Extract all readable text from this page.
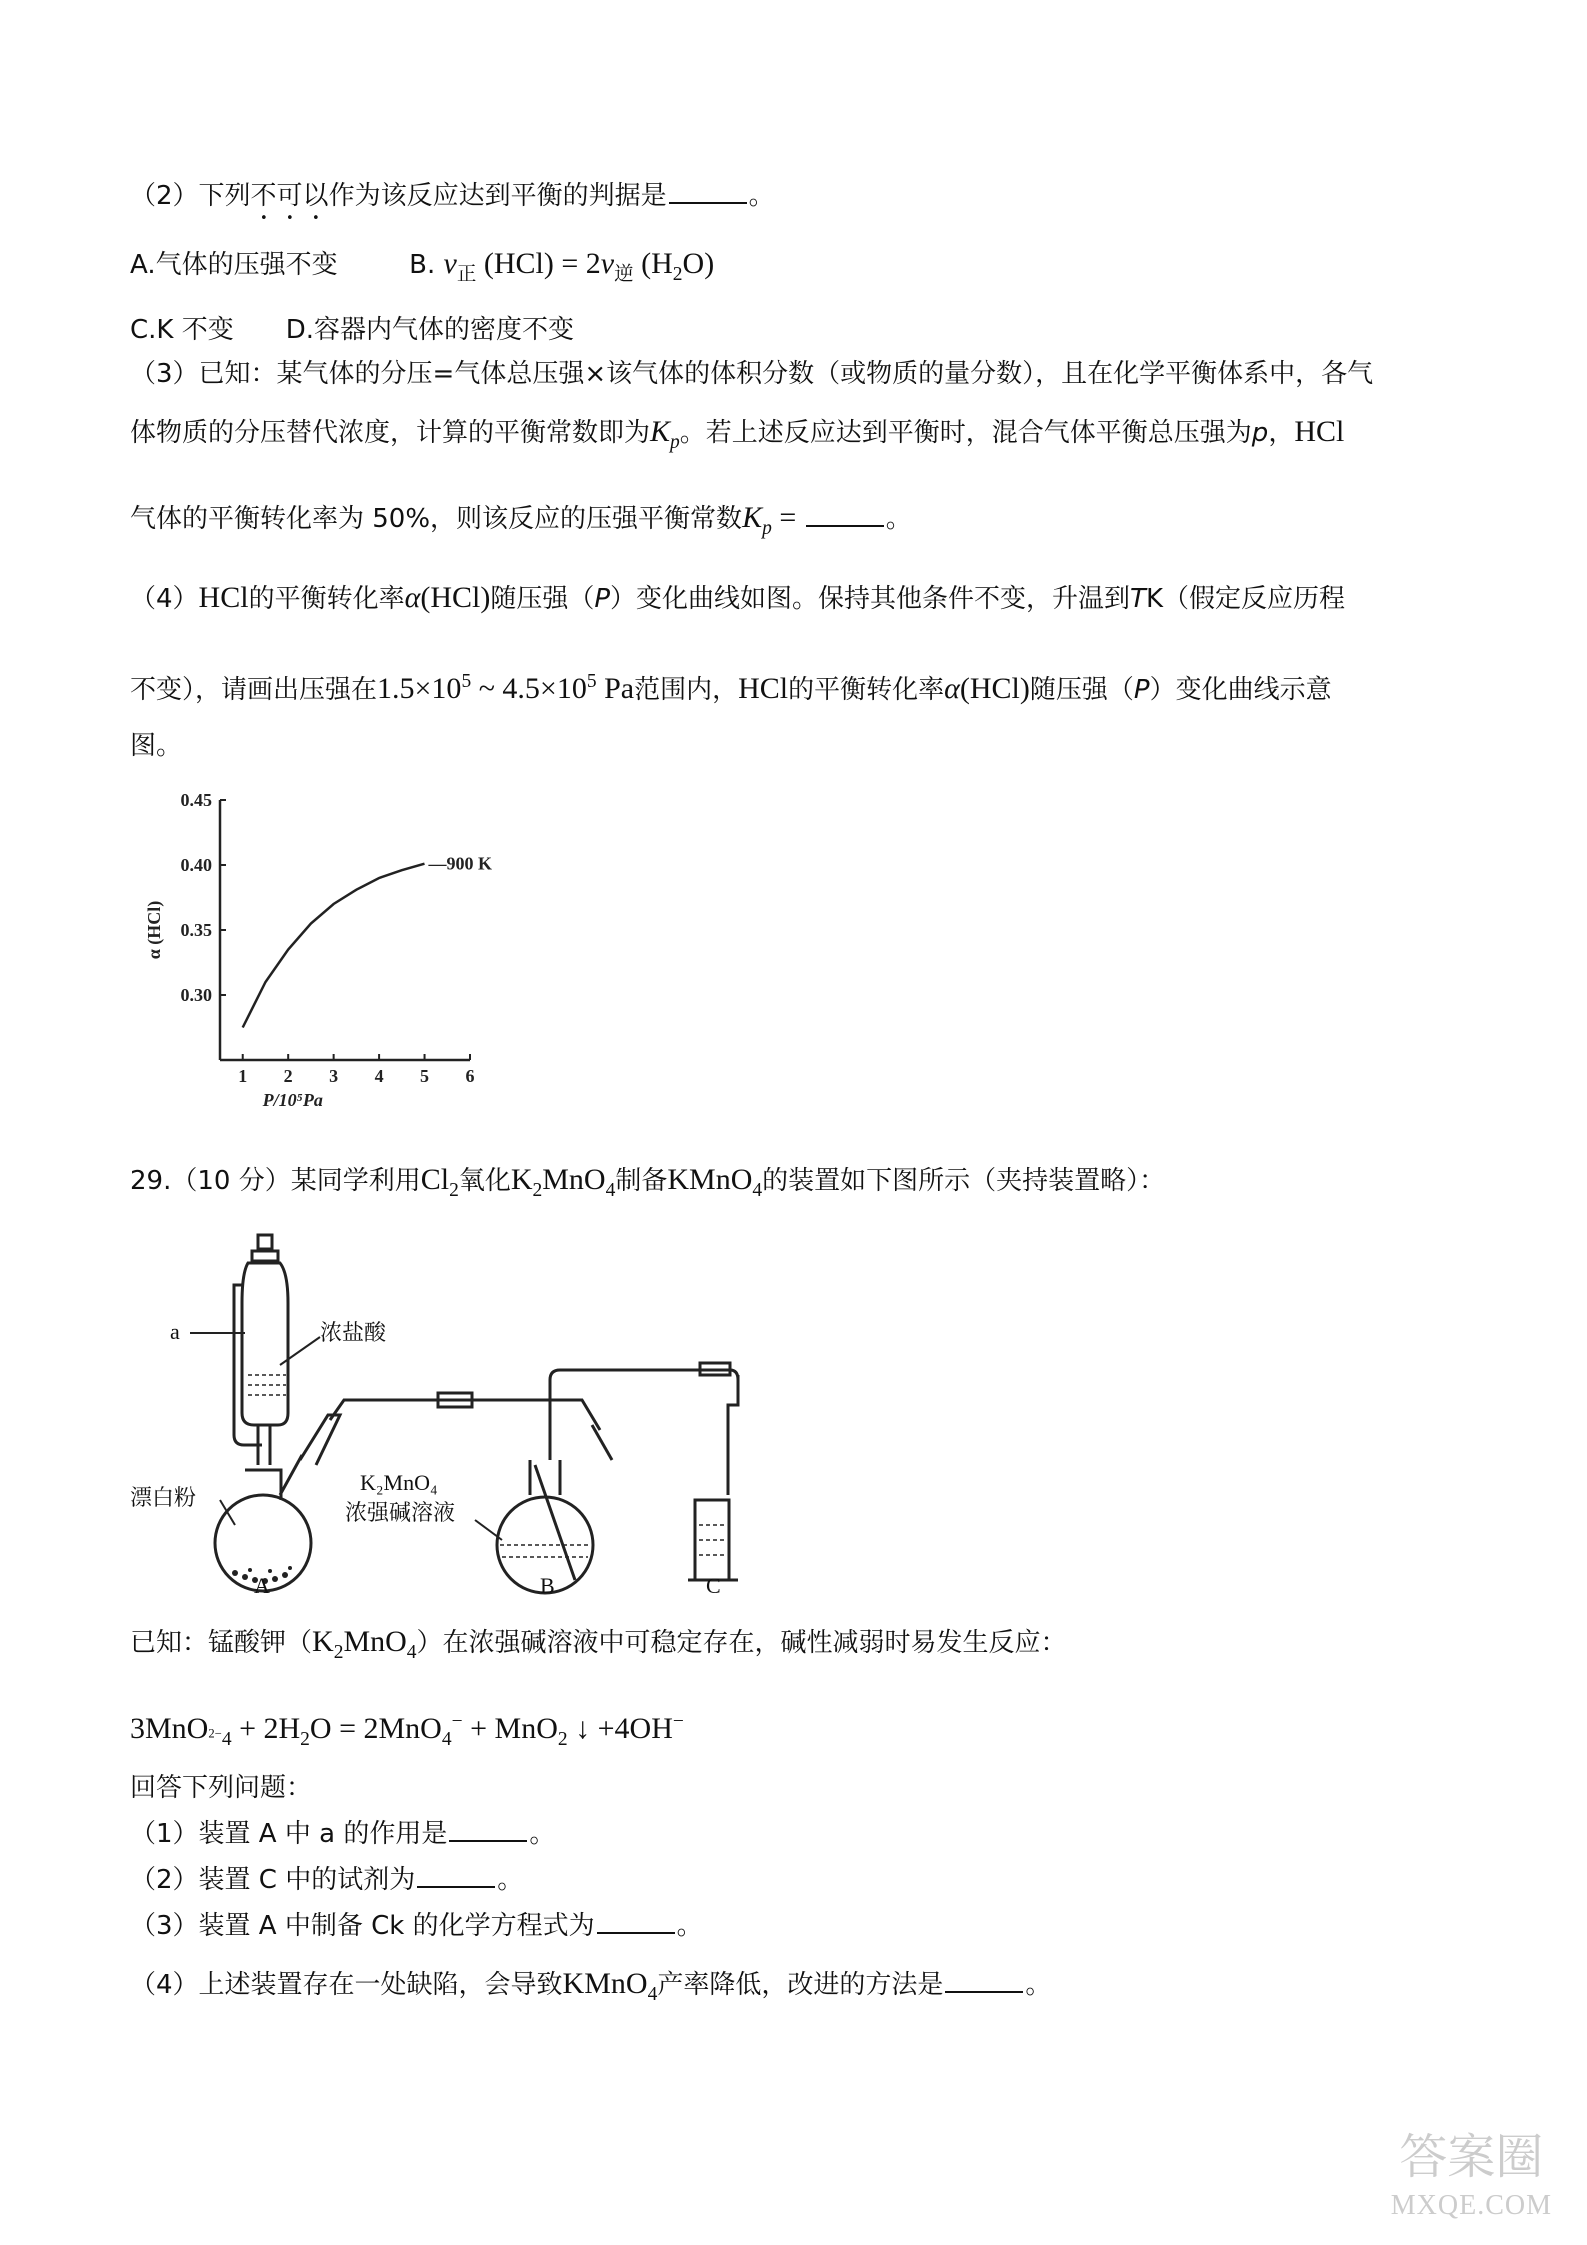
（2）下列不可以作为该反应达到平衡的判据是	。
A.气体的压强不变	B. $v_正$ $(HCl) = 2v_逆$ $(H_2O)$
C.K 不变　　D.容器内气体的密度不变
（3）已知：某气体的分压=气体总压强×该气体的体积分数（或物质的量分数），且在化学平衡体系中，各气
体物质的分压替代浓度，计算的平衡常数即为$K_p$。若上述反应达到平衡时，混合气体平衡总压强为p，HCl
气体的平衡转化率为 50%，则该反应的压强平衡常数$K_p$ =	。
（4）HCl的平衡转化率α(HCl)随压强（P）变化曲线如图。保持其他条件不变，升温到TK（假定反应历程
不变），请画出压强在$1.5\times 10^5$ ~ $4.5\times 10^5$ Pa范围内，HCl的平衡转化率α(HCl)随压强（P）变化曲线示意
图。
0.30
0.35
0.40
0.45
1 2 3 4 5 6
P/10⁵Pa
α (HCl)
—900 K
29.（10 分）某同学利用$Cl_2$氧化$K_2MnO_4$制备KMnO$_4$的装置如下图所示（夹持装置略）：
a	浓盐酸
漂白粉
K₂MnO₄
浓强碱溶液
A	B	C
已知：锰酸钾$(K_2MnO_4)$在浓强碱溶液中可稳定存在，碱性减弱时易发生反应：
$3MnO_{^{2-}4} + 2H_2O = 2MnO_4^- + MnO_2$ ↓ +4OH−
回答下列问题：
（1）装置 A 中 a 的作用是	。
（2）装置 C 中的试剂为	。
（3）装置 A 中制备 Ck 的化学方程式为	。
（4）上述装置存在一处缺陷，会导致KMnO$_4$产率降低，改进的方法是	。
答案圈
MXQE.COM
